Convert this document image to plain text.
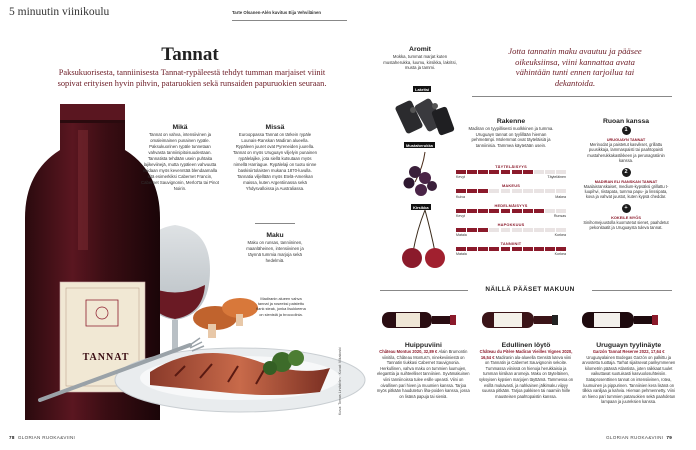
5 minuutin viinikoulu	Tarte Olsanen-Alén kuvitus Eija Vehviläinen
Tannat
Paksukuorisesta, tanniinisesta Tannat-rypäleestä tehdyt tumman marjaiset viinit sopivat erityisen hyvin pihvin, pataruokien sekä runsaiden papuruokien seuraan.
TANNAT
Mikä
Tannat on vahva, intensiivinen ja omaleimainen punainen rypäle. Paksukuorinen rypäle tunnetaan vahvasta tanniinipitoisuudestaan. Tannatista tehdään usein puhtaita lajikeviinejä, mutta rypäleen vahvuutta voidaan myös kevenntää blendaamalla sitä esimerkiksi Cabernet Francin, Cabernet Sauvignonin, Merlot'ta tai Pinot Noirin.
Missä
Eurooppassa Tannat on tärkein rypäle Lounais-Ranskan Madiran alueella. Rypäleen juuret ovat Pyreneiden juurella. Tannat on myös Uruguayn viljelyin punainen rypälelajike, jota siellä kutsutaan myös nimellä Harriague. Rypälelaji on tuotu sinne baskisiirtolaisten mukana 1870-luvulla. Tannatia viljellään myös Etelä-Amerikan maissa, kuten Argentiinassa sekä Yhdysvalloissa ja Australiassa.
Maku
Maku on runsas, tanniininen, maanläheinen, intensiivinen ja täynnä tummia marjoja sekä hedelmiä.
Madiranin alueen vahva tannat ja roseeksi paistettu flank steak, jonka lisukkeena on sienistä ja broccolinia.
Kuva: Tomas Lindström · Kuvat: Vilkakoski
78 GLORIAN RUOKA&VIINI
Aromit
Mokka, tummat marjat kuten mustaherukka, luumu, kirsikka, lakritsi, musta ja tammi.
Lakritsi
Mustaherukka
Kirsikka
Jotta tannatin maku avautuu ja pääsee oikeuksiinsa, viini kannattaa avata vähintään tunti ennen tarjoilua tai dekantoida.
Rakenne
Madiran on tyypillisesti nuolkkinen ja tumma. Uruguayn tannat on tyylillään hieman pehmeämpi. Molemmat ovat täyteläisiä ja tanniinisia. Tammea käytetään usein.
TÄYTELÄISYYS
Kevyt	Täyteläinen
MAKEUS
Kuiva	Makea
HEDELMÄISYYS
Kevyt	Runsas
HAPOKKUUS
Matala	Korkea
TANNIINIT
Matala	Korkea
Ruoan kanssa
1
URUGUAYN TANNAT
Merinodat ja paistetut kasvikset, grillattu puusikkaja, lammaspaisti tai paahtopaisti mustaherukkakastikkeen ja perunagratiinin kanssa.
2
MADIRAN ELI RANSKAN TANNAT
Maalaisranskaiset, medium-kypsäksi grillattu t-luupihvi, riistapata, tumma papu- ja linssipata, kova ja vahvat juustot, kuten kypsä cheddar.
+
KOKEILE MYÖS
Sinihomejuustolla kuorrutetut sienet, paahdetut pekonitaatit ja Uruguaysta tuleva tannat.
NÄILLÄ PÄÄSET MAKUUN
Huippuviini
Château Montus 2020, 32,89 € Alain Brumontin viinitila, Château Montus'n, ninekeviiniestä on Tannatin tiukkasi Cabernet Sauvignonia. Herkullinen, vahva maku on tummien luumujen, eleganttia ja suihteelliset tanniinien. Syvämakuinen viini tanniinoissa tulee esille upeasti. Viini on oivallinen pari hiven ja muumien kanssa. Tarjoa myös pitkään haudutetun liha-poiden kanssa, jossa on lisänä papuja tai sieniä.
Edullinen löytö
Château du Pitère Madiran Vieilles Vignes 2020, 16,54 € Madiranin ala-alueella Gensitä luteva viini on Tannatin ja Cabernet Sauvignonin sekoite. Tummassa viinissä on hienoja herukkaisia ja tumman kirsikan aromeja. Maku on täyteläinen, syksyisen kypsien marjojen täyttämä. Tammessa on esillä mukavasti, ja nahkainen jälkimaku viipyy suussa pitkään. Tarjoa pakkisen tai naamiin hiille mausteisen paahtopaistin kanssa.
Uruguayn tyylinäyte
Garzón Tannat Reserve 2022, 17,64 € Uruguayalainen Bodegas Garzón on palkittu ja arvostettu tuottaja. Tarhat sijaitsevat parikymmenen kilometrin päässä Atlantista, joten raikkaat tuulet vaikuttavat suotuisasti kasvuolosuhteisiin. Sataprosenttinen tannat on intensiivinen, rotea, luumuinen ja pippurinen. Tanniinien kera lisänä on tilkka vaniljaa ja kahvia. Hieman pehmennetty. Viini on hieno pari tummien pataruokien sekä paahdetun lampaan ja juureksien kanssa.
GLORIAN RUOKA&VIINI 79
